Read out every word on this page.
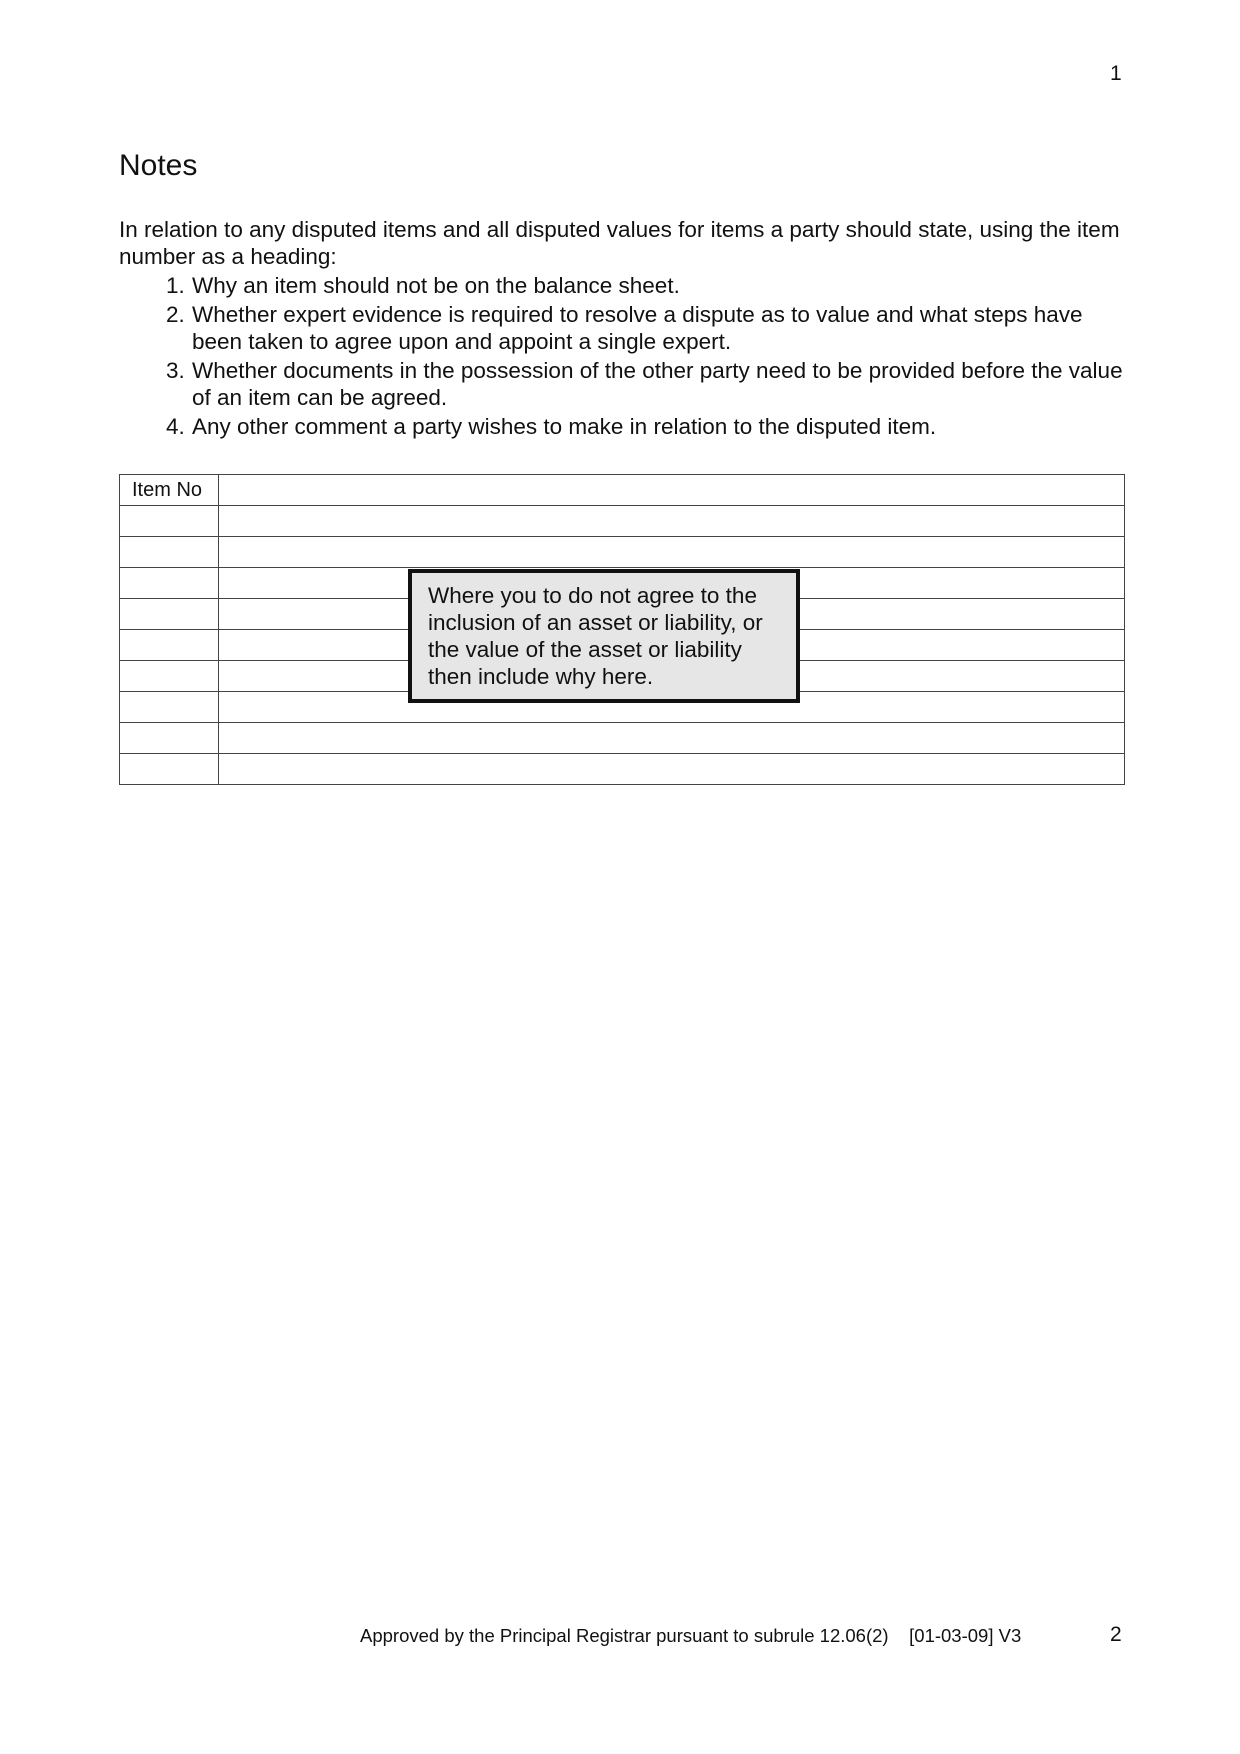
1
Notes

In relation to any disputed items and all disputed values for items a party should state, using the item number as a heading:

1. Why an item should not be on the balance sheet.
2. Whether expert evidence is required to resolve a dispute as to value and what steps have been taken to agree upon and appoint a single expert.
3. Whether documents in the possession of the other party need to be provided before the value of an item can be agreed.
4. Any other comment a party wishes to make in relation to the disputed item.
Item No	

Where you to do not agree to the inclusion of an asset or liability, or the value of the asset or liability then include why here.
Approved by the Principal Registrar pursuant to subrule 12.06(2) [01-03-09] V3	2
